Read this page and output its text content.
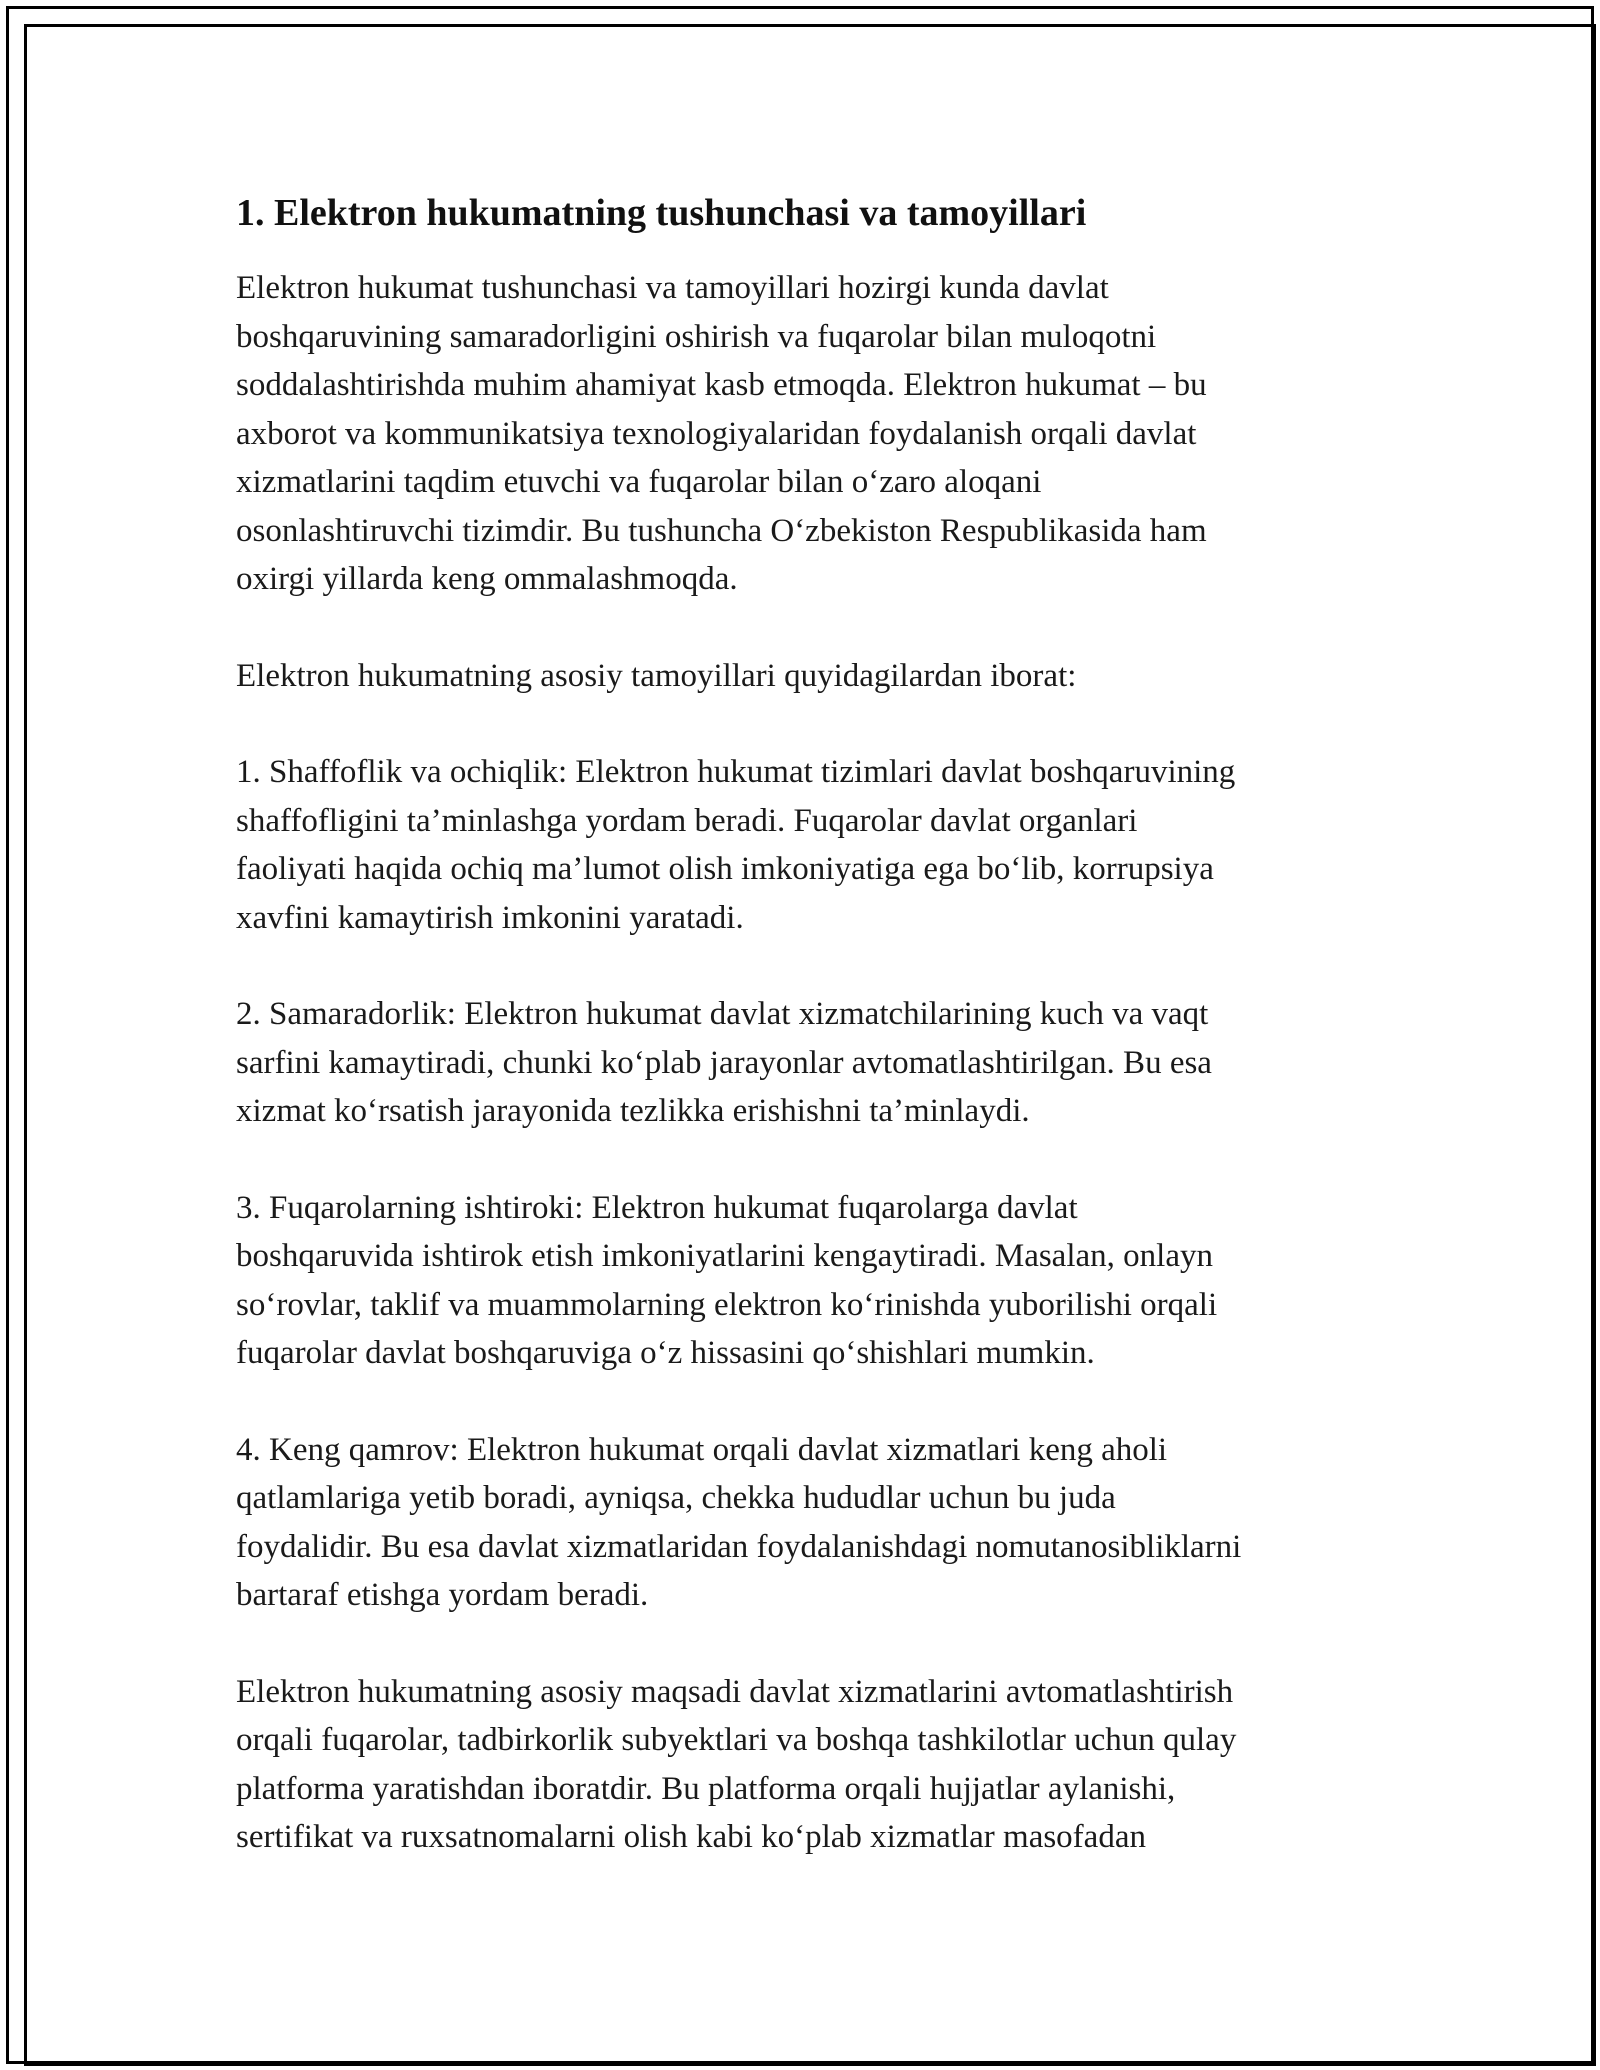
1. Elektron hukumatning tushunchasi va tamoyillari

Elektron hukumat tushunchasi va tamoyillari hozirgi kunda davlat
boshqaruvining samaradorligini oshirish va fuqarolar bilan muloqotni
soddalashtirishda muhim ahamiyat kasb etmoqda. Elektron hukumat – bu
axborot va kommunikatsiya texnologiyalaridan foydalanish orqali davlat
xizmatlarini taqdim etuvchi va fuqarolar bilan oʻzaro aloqani
osonlashtiruvchi tizimdir. Bu tushuncha Oʻzbekiston Respublikasida ham
oxirgi yillarda keng ommalashmoqda.

Elektron hukumatning asosiy tamoyillari quyidagilardan iborat:

1. Shaffoflik va ochiqlik: Elektron hukumat tizimlari davlat boshqaruvining
shaffofligini ta’minlashga yordam beradi. Fuqarolar davlat organlari
faoliyati haqida ochiq ma’lumot olish imkoniyatiga ega boʻlib, korrupsiya
xavfini kamaytirish imkonini yaratadi.

2. Samaradorlik: Elektron hukumat davlat xizmatchilarining kuch va vaqt
sarfini kamaytiradi, chunki koʻplab jarayonlar avtomatlashtirilgan. Bu esa
xizmat koʻrsatish jarayonida tezlikka erishishni ta’minlaydi.

3. Fuqarolarning ishtiroki: Elektron hukumat fuqarolarga davlat
boshqaruvida ishtirok etish imkoniyatlarini kengaytiradi. Masalan, onlayn
soʻrovlar, taklif va muammolarning elektron koʻrinishda yuborilishi orqali
fuqarolar davlat boshqaruviga oʻz hissasini qoʻshishlari mumkin.

4. Keng qamrov: Elektron hukumat orqali davlat xizmatlari keng aholi
qatlamlariga yetib boradi, ayniqsa, chekka hududlar uchun bu juda
foydalidir. Bu esa davlat xizmatlaridan foydalanishdagi nomutanosibliklarni
bartaraf etishga yordam beradi.

Elektron hukumatning asosiy maqsadi davlat xizmatlarini avtomatlashtirish
orqali fuqarolar, tadbirkorlik subyektlari va boshqa tashkilotlar uchun qulay
platforma yaratishdan iboratdir. Bu platforma orqali hujjatlar aylanishi,
sertifikat va ruxsatnomalarni olish kabi koʻplab xizmatlar masofadan
